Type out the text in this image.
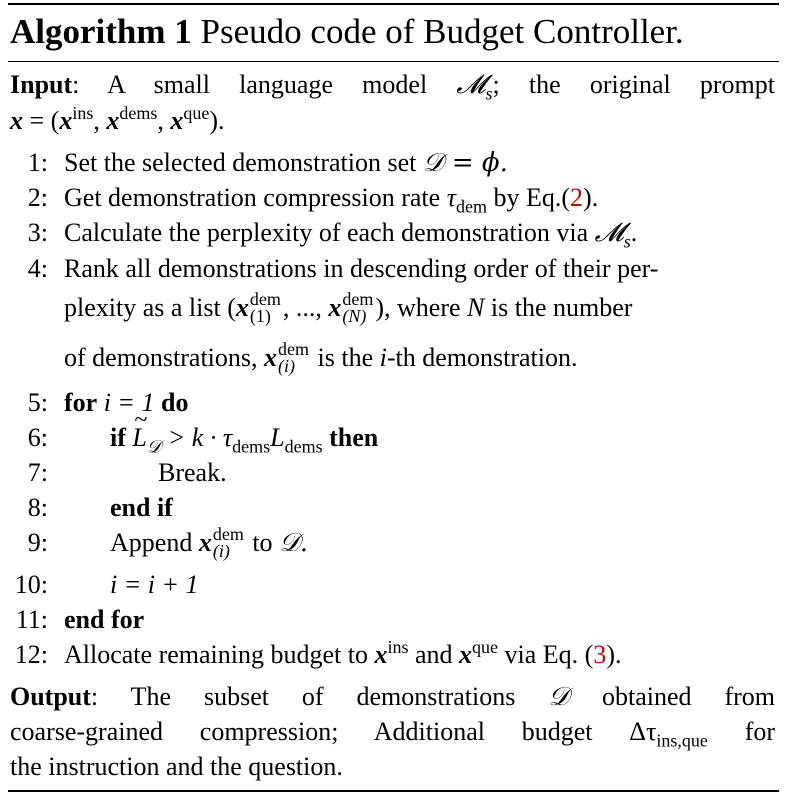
Algorithm 1 Pseudo code of Budget Controller.
Input: A small language model 𝓜$_s$; the original prompt
$x = (x^{ins}$, $x^{dems}$, $x^{que}$).
1: Set the selected demonstration set 𝒟 = ϕ.
2: Get demonstration compression rate $\tau_{dem}$ by Eq.(2).
3: Calculate the perplexity of each demonstration via 𝓜$_s$.
4: Rank all demonstrations in descending order of their per-
plexity as a list (x dem
(1) , ..., x dem
(N) ), where N is the number
of demonstrations, x dem
(i) is the i-th demonstration.
5: for i = 1 do
6: if ~ $L_𝒟 > k \cdot \tau_{dems}L_{dems}$ then
7:	Break.
8: end if
9: Append x dem
(i) to 𝒟.
10: i = i + 1
11: end for
12: Allocate remaining budget to $x^{ins}$ and $x^{que}$ via Eq. (3).
Output: The subset of demonstrations 𝒟 obtained from
coarse-grained compression; Additional budget $\Delta\tau_{ins,que}$ for
the instruction and the question.
